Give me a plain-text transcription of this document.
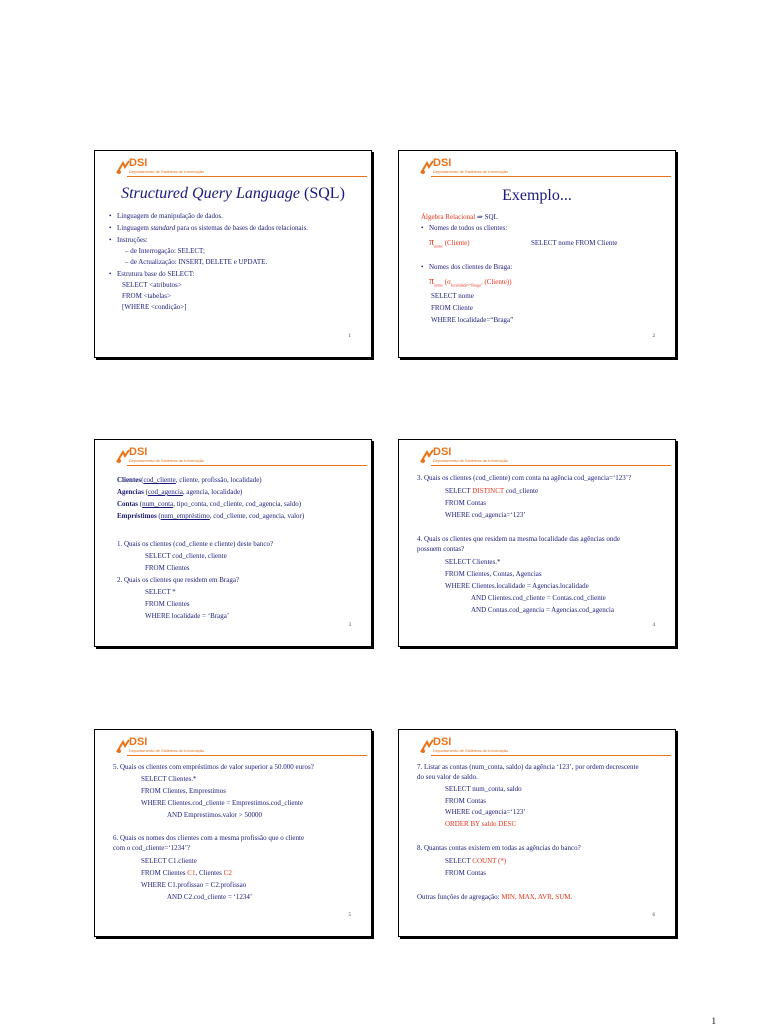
DSI
Departamento de Sistemas de Informação
Structured Query Language (SQL)
• Linguagem de manipulação de dados.
• Linguagem standard para os sistemas de bases de dados relacionais.
• Instruções:
– de Interrogação: SELECT;
– de Actualização: INSERT, DELETE e UPDATE.
• Estrutura base do SELECT:
SELECT <atributos>
FROM <tabelas>
[WHERE <condição>]
1
DSI
Departamento de Sistemas de Informação
Exemplo...
Álgebra Relacional ⇒ SQL
• Nomes de todos os clientes:
$\pi_{nome}$ (Cliente)	SELECT nome FROM Cliente
• Nomes dos clientes de Braga:
$\pi_{nome}$ ($\sigma_{localidade=“Braga”}$ (Cliente))
SELECT nome
FROM Cliente
WHERE localidade=“Braga”
2
DSI
Departamento de Sistemas de Informação
Clientes(cod_cliente, cliente, profissão, localidade)
Agencias (cod_agencia, agencia, localidade)
Contas (num_conta, tipo_conta, cod_cliente, cod_agencia, saldo)
Empréstimos (num_empréstimo, cod_cliente, cod_agencia, valor)
1. Quais os clientes (cod_cliente e cliente) deste banco?
SELECT cod_cliente, cliente
FROM Clientes
2. Quais os clientes que residem em Braga?
SELECT *
FROM Clientes
WHERE localidade = ‘Braga’
3
DSI
Departamento de Sistemas de Informação
3. Quais os clientes (cod_cliente) com conta na agência cod_agencia=‘123’?
SELECT DISTINCT cod_cliente
FROM Contas
WHERE cod_agencia=‘123’
4. Quais os clientes que residem na mesma localidade das agências onde
possuem contas?
SELECT Clientes.*
FROM Clientes, Contas, Agencias
WHERE Clientes.localidade = Agencias.localidade
AND Clientes.cod_cliente = Contas.cod_cliente
AND Contas.cod_agencia = Agencias.cod_agencia
4
DSI
Departamento de Sistemas de Informação
5. Quais os clientes com empréstimos de valor superior a 50.000 euros?
SELECT Clientes.*
FROM Clientes, Emprestimos
WHERE Clientes.cod_cliente = Emprestimos.cod_cliente
AND Emprestimos.valor > 50000
6. Quais os nomes dos clientes com a mesma profissão que o cliente
com o cod_cliente=‘1234’?
SELECT C1.cliente
FROM Clientes C1, Clientes C2
WHERE C1.profissao = C2.profissao
AND C2.cod_cliente = ‘1234’
5
DSI
Departamento de Sistemas de Informação
7. Listar as contas (num_conta, saldo) da agência ‘123’, por ordem decrescente
do seu valor de saldo.
SELECT num_conta, saldo
FROM Contas
WHERE cod_agencia=‘123’
ORDER BY saldo DESC
8. Quantas contas existem em todas as agências do banco?
SELECT COUNT (*)
FROM Contas
Outras funções de agregação: MIN, MAX, AVR, SUM.
6
1
